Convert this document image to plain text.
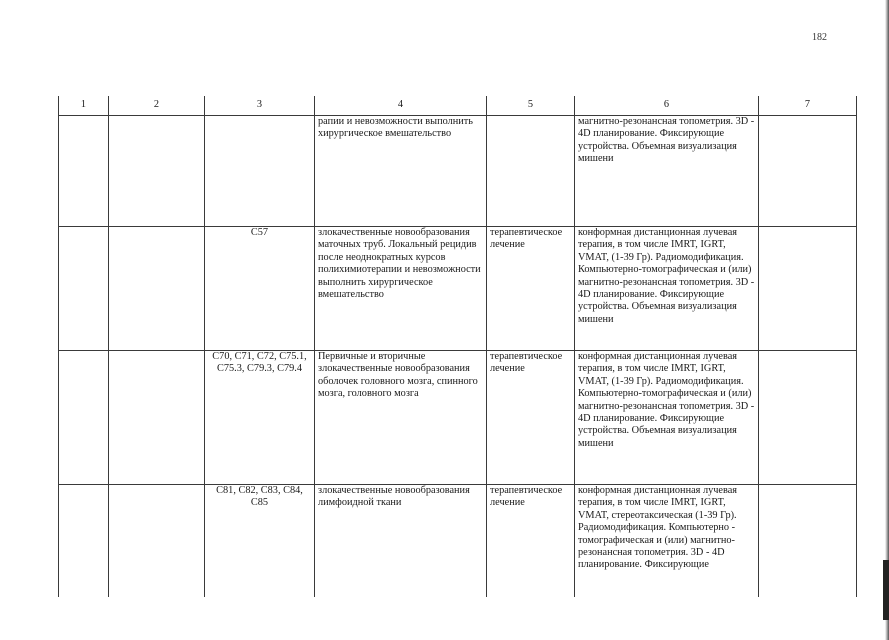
182
1	2	3	4	5	6	7
			рапии и невозможности выполнить хирургическое вмешательство		магнитно-резонансная топометрия. 3D - 4D планирование. Фиксирующие устройства. Объемная визуализация мишени	
		C57	злокачественные новообразования маточных труб. Локальный рецидив после неоднократных курсов полихимиотерапии и невозможности выполнить хирургическое вмешательство	терапевтическое лечение	конформная дистанционная лучевая терапия, в том числе IMRT, IGRT, VMAT, (1-39 Гр). Радиомодификация. Компьютерно-томографическая и (или) магнитно-резонансная топометрия. 3D - 4D планирование. Фиксирующие устройства. Объемная визуализация мишени	
		C70, C71, C72, C75.1, C75.3, C79.3, C79.4	Первичные и вторичные злокачественные новообразования оболочек головного мозга, спинного мозга, головного мозга	терапевтическое лечение	конформная дистанционная лучевая терапия, в том числе IMRT, IGRT, VMAT, (1-39 Гр). Радиомодификация. Компьютерно-томографическая и (или) магнитно-резонансная топометрия. 3D - 4D планирование. Фиксирующие устройства. Объемная визуализация мишени	
		C81, C82, C83, C84, C85	злокачественные новообразования лимфоидной ткани	терапевтическое лечение	конформная дистанционная лучевая терапия, в том числе IMRT, IGRT, VMAT, стереотаксическая (1-39 Гр). Радиомодификация. Компьютерно - томографическая и (или) магнитно-резонансная топометрия. 3D - 4D планирование. Фиксирующие	
